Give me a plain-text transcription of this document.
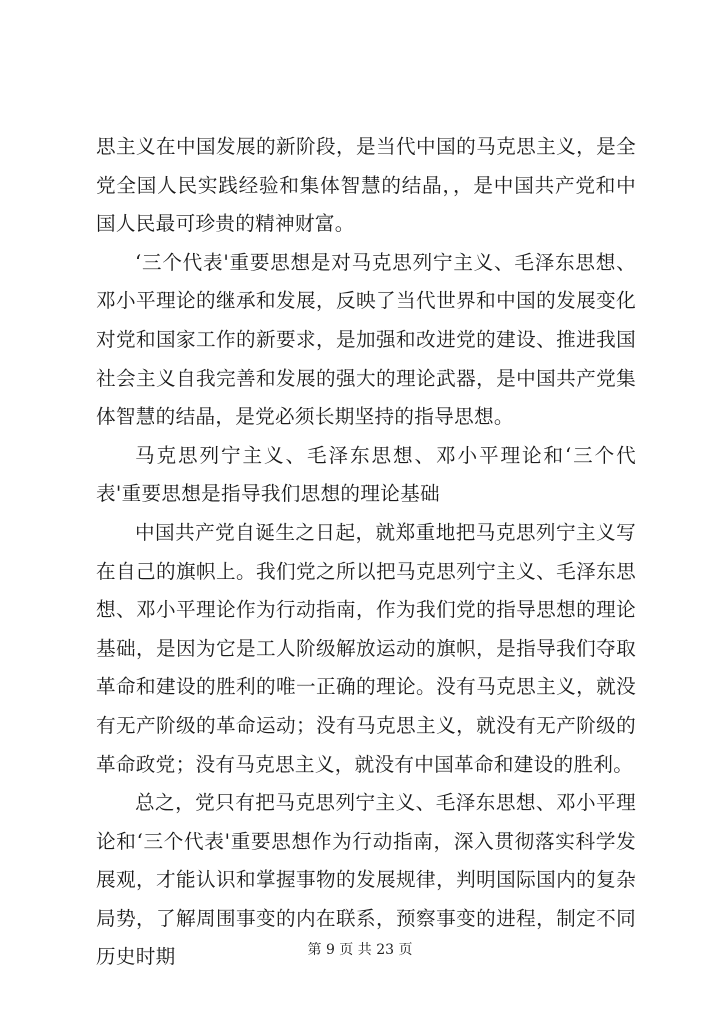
思主义在中国发展的新阶段，是当代中国的马克思主义，是全党全国人民实践经验和集体智慧的结晶，，是中国共产党和中国人民最可珍贵的精神财富。

‘三个代表'重要思想是对马克思列宁主义、毛泽东思想、邓小平理论的继承和发展，反映了当代世界和中国的发展变化对党和国家工作的新要求，是加强和改进党的建设、推进我国社会主义自我完善和发展的强大的理论武器，是中国共产党集体智慧的结晶，是党必须长期坚持的指导思想。

马克思列宁主义、毛泽东思想、邓小平理论和‘三个代表'重要思想是指导我们思想的理论基础

中国共产党自诞生之日起，就郑重地把马克思列宁主义写在自己的旗帜上。我们党之所以把马克思列宁主义、毛泽东思想、邓小平理论作为行动指南，作为我们党的指导思想的理论基础，是因为它是工人阶级解放运动的旗帜，是指导我们夺取革命和建设的胜利的唯一正确的理论。没有马克思主义，就没有无产阶级的革命运动；没有马克思主义，就没有无产阶级的革命政党；没有马克思主义，就没有中国革命和建设的胜利。

总之，党只有把马克思列宁主义、毛泽东思想、邓小平理论和‘三个代表'重要思想作为行动指南，深入贯彻落实科学发展观，才能认识和掌握事物的发展规律，判明国际国内的复杂局势，了解周围事变的内在联系，预察事变的进程，制定不同历史时期	第 9 页 共 23 页
